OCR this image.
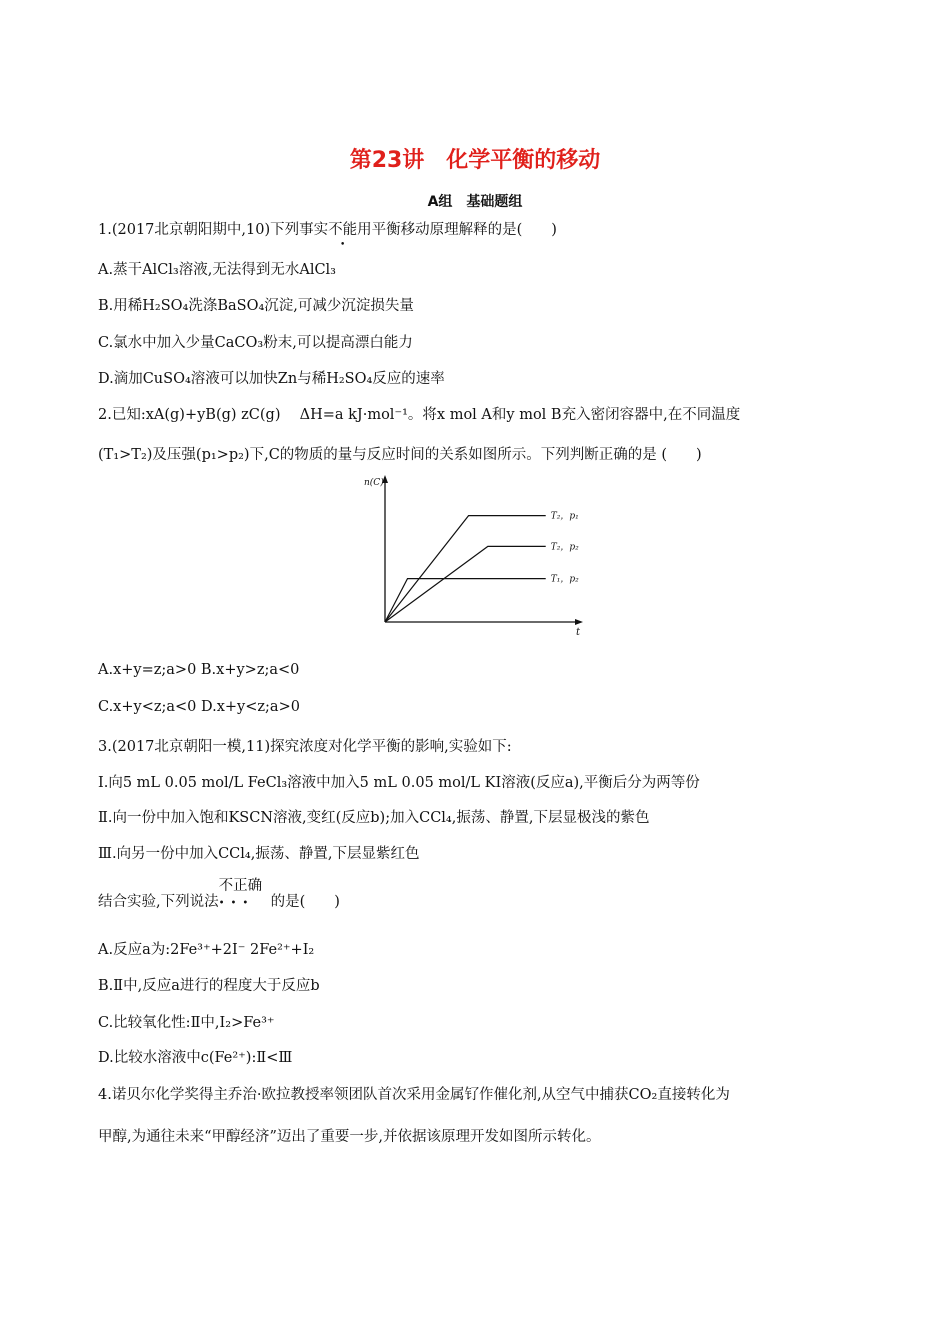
第23讲　化学平衡的移动
A组　基础题组
1.(2017北京朝阳期中,10)下列事实不能用平衡移动原理解释的是(　　)
A.蒸干AlCl₃溶液,无法得到无水AlCl₃
B.用稀H₂SO₄洗涤BaSO₄沉淀,可减少沉淀损失量
C.氯水中加入少量CaCO₃粉末,可以提高漂白能力
D.滴加CuSO₄溶液可以加快Zn与稀H₂SO₄反应的速率
2.已知:xA(g)+yB(g) zC(g)　 ΔH=a kJ·mol⁻¹。将x mol A和y mol B充入密闭容器中,在不同温度
(T₁>T₂)及压强(p₁>p₂)下,C的物质的量与反应时间的关系如图所示。下列判断正确的是 (　　)
n(C)
t
T₂，p₁
T₂，p₂
T₁，p₂
A.x+y=z;a>0 B.x+y>z;a<0
C.x+y<z;a<0 D.x+y<z;a>0
3.(2017北京朝阳一模,11)探究浓度对化学平衡的影响,实验如下:
Ⅰ.向5 mL 0.05 mol/L FeCl₃溶液中加入5 mL 0.05 mol/L KI溶液(反应a),平衡后分为两等份
Ⅱ.向一份中加入饱和KSCN溶液,变红(反应b);加入CCl₄,振荡、静置,下层显极浅的紫色
Ⅲ.向另一份中加入CCl₄,振荡、静置,下层显紫红色
结合实验,下列说法
不正确
••• 的是(　　)
A.反应a为:2Fe³⁺+2I⁻ 2Fe²⁺+I₂
B.Ⅱ中,反应a进行的程度大于反应b
C.比较氧化性:Ⅱ中,I₂>Fe³⁺
D.比较水溶液中c(Fe²⁺):Ⅱ<Ⅲ
4.诺贝尔化学奖得主乔治·欧拉教授率领团队首次采用金属钌作催化剂,从空气中捕获CO₂直接转化为
甲醇,为通往未来“甲醇经济”迈出了重要一步,并依据该原理开发如图所示转化。
